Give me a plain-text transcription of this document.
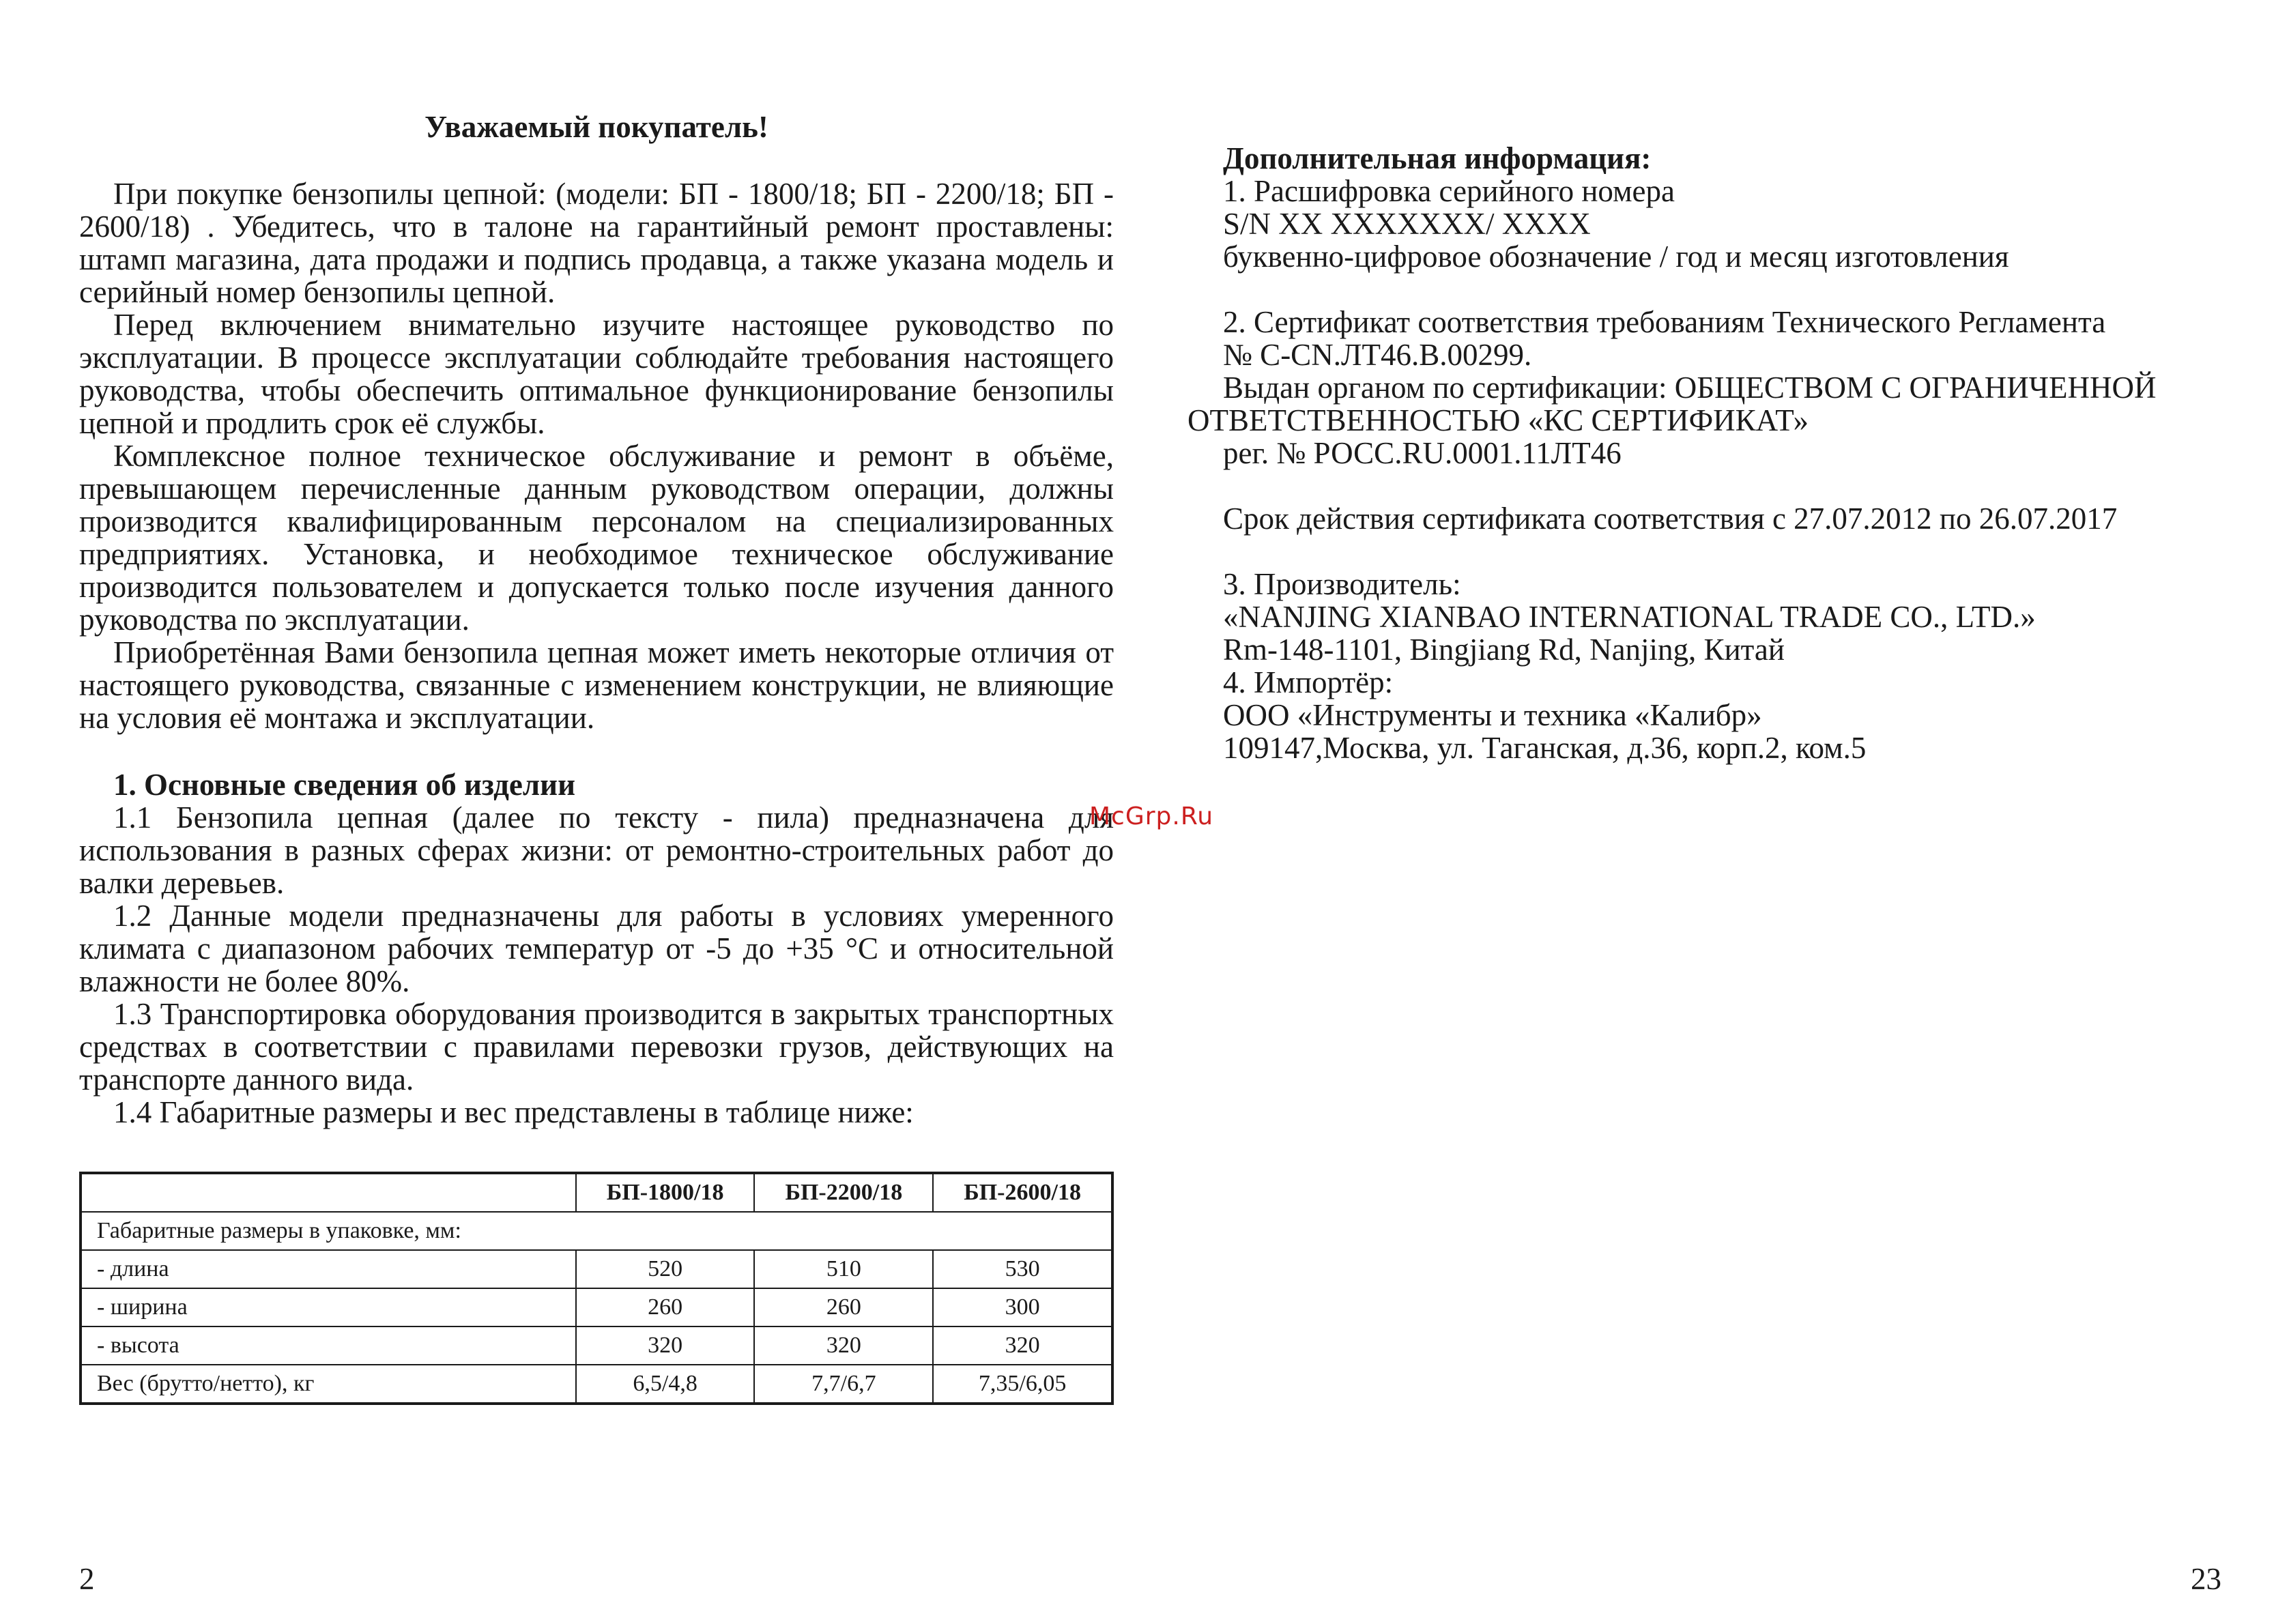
Уважаемый покупатель!
При покупке бензопилы цепной: (модели: БП - 1800/18; БП - 2200/18; БП - 2600/18) . Убедитесь, что в талоне на гарантийный ремонт проставлены: штамп магазина, дата продажи и подпись продавца, а также указана модель и серийный номер бензопилы цепной.
Перед включением внимательно изучите настоящее руководство по эксплуатации. В процессе эксплуатации соблюдайте требования настоящего руководства, чтобы обеспечить оптимальное функционирование бензопилы цепной и продлить срок её службы.
Комплексное полное техническое обслуживание и ремонт в объёме, превышающем перечисленные данным руководством операции, должны производится квалифицированным персоналом на специализированных предприятиях. Установка, и необходимое техническое обслуживание производится пользователем и допускается только после изучения данного руководства по эксплуатации.
Приобретённая Вами бензопила цепная может иметь некоторые отличия от настоящего руководства, связанные с изменением конструкции, не влияющие на условия её монтажа и эксплуатации.
1. Основные сведения об изделии
1.1 Бензопила цепная (далее по тексту - пила) предназначена для использования в разных сферах жизни: от ремонтно-строительных работ до валки деревьев.
1.2 Данные модели предназначены для работы в условиях умеренного климата с диапазоном рабочих температур от -5 до +35 °С и относительной влажности не более 80%.
1.3 Транспортировка оборудования производится в закрытых транспортных средствах в соответствии с правилами перевозки грузов, действующих на транспорте данного вида.
1.4 Габаритные размеры и вес представлены в таблице ниже:
	БП-1800/18	БП-2200/18	БП-2600/18
Габаритные размеры в упаковке, мм:			
- длина	520	510	530
- ширина	260	260	300
- высота	320	320	320
Вес (брутто/нетто), кг	6,5/4,8	7,7/6,7	7,35/6,05
2
Дополнительная информация:
1. Расшифровка серийного номера
S/N XX XXXXXXX/ XXXX
буквенно-цифровое обозначение / год и месяц изготовления
2. Сертификат соответствия требованиям Технического Регламента
№ C-CN.ЛТ46.В.00299.
Выдан органом по сертификации: ОБЩЕСТВОМ С ОГРАНИЧЕННОЙ
ОТВЕТСТВЕННОСТЬЮ «КС СЕРТИФИКАТ»
рег. № РОСС.RU.0001.11ЛТ46
Срок действия сертификата соответствия с 27.07.2012 по 26.07.2017
3. Производитель:
«NANJING XIANBAO INTERNATIONAL TRADE CO., LTD.»
Rm-148-1101, Bingjiang Rd, Nanjing, Китай
4. Импортёр:
ООО «Инструменты и техника «Калибр»
109147,Москва, ул. Таганская, д.36, корп.2, ком.5
23
McGrp.Ru
